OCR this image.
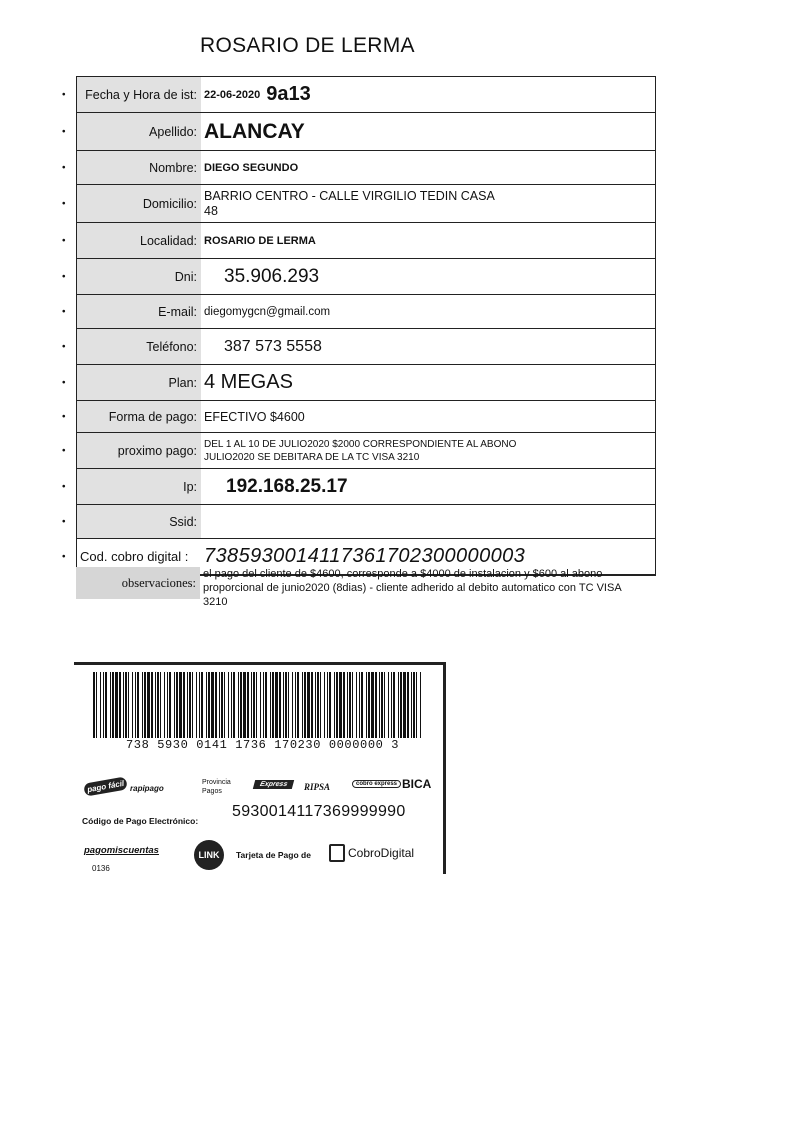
ROSARIO DE LERMA
•	Fecha y Hora de ist: 22-06-2020 9a13
•	Apellido: ALANCAY
•	Nombre: DIEGO SEGUNDO
•	Domicilio:
BARRIO CENTRO - CALLE VIRGILIO TEDIN CASA
48
•	Localidad: ROSARIO DE LERMA
•	Dni: 35.906.293
•	E-mail: diegomygcn@gmail.com
•	Teléfono: 387 573 5558
•	Plan: 4 MEGAS
•	Forma de pago: EFECTIVO $4600
•	proximo pago: DEL 1 AL 10 DE JULIO2020 $2000 CORRESPONDIENTE AL ABONO
JULIO2020 SE DEBITARA DE LA TC VISA 3210
•	Ip: 192.168.25.17
•	Ssid:
• Cod. cobro digital : 7385930014117361702300000003
observaciones:
el pago del cliente de $4600, corresponde a $4000 de instalacion y $600 al abono proporcional de junio2020 (8dias) - cliente adherido al debito automatico con TC VISA 3210
738 5930 0141 1736 170230 0000000 3
pago fácil rapipago
Provincia Pagos
Express	RIPSA	cobro express BICA
Código de Pago Electrónico:
5930014117369999990
pagomiscuentas
0136
LINK	Tarjeta de Pago de	CobroDigital
